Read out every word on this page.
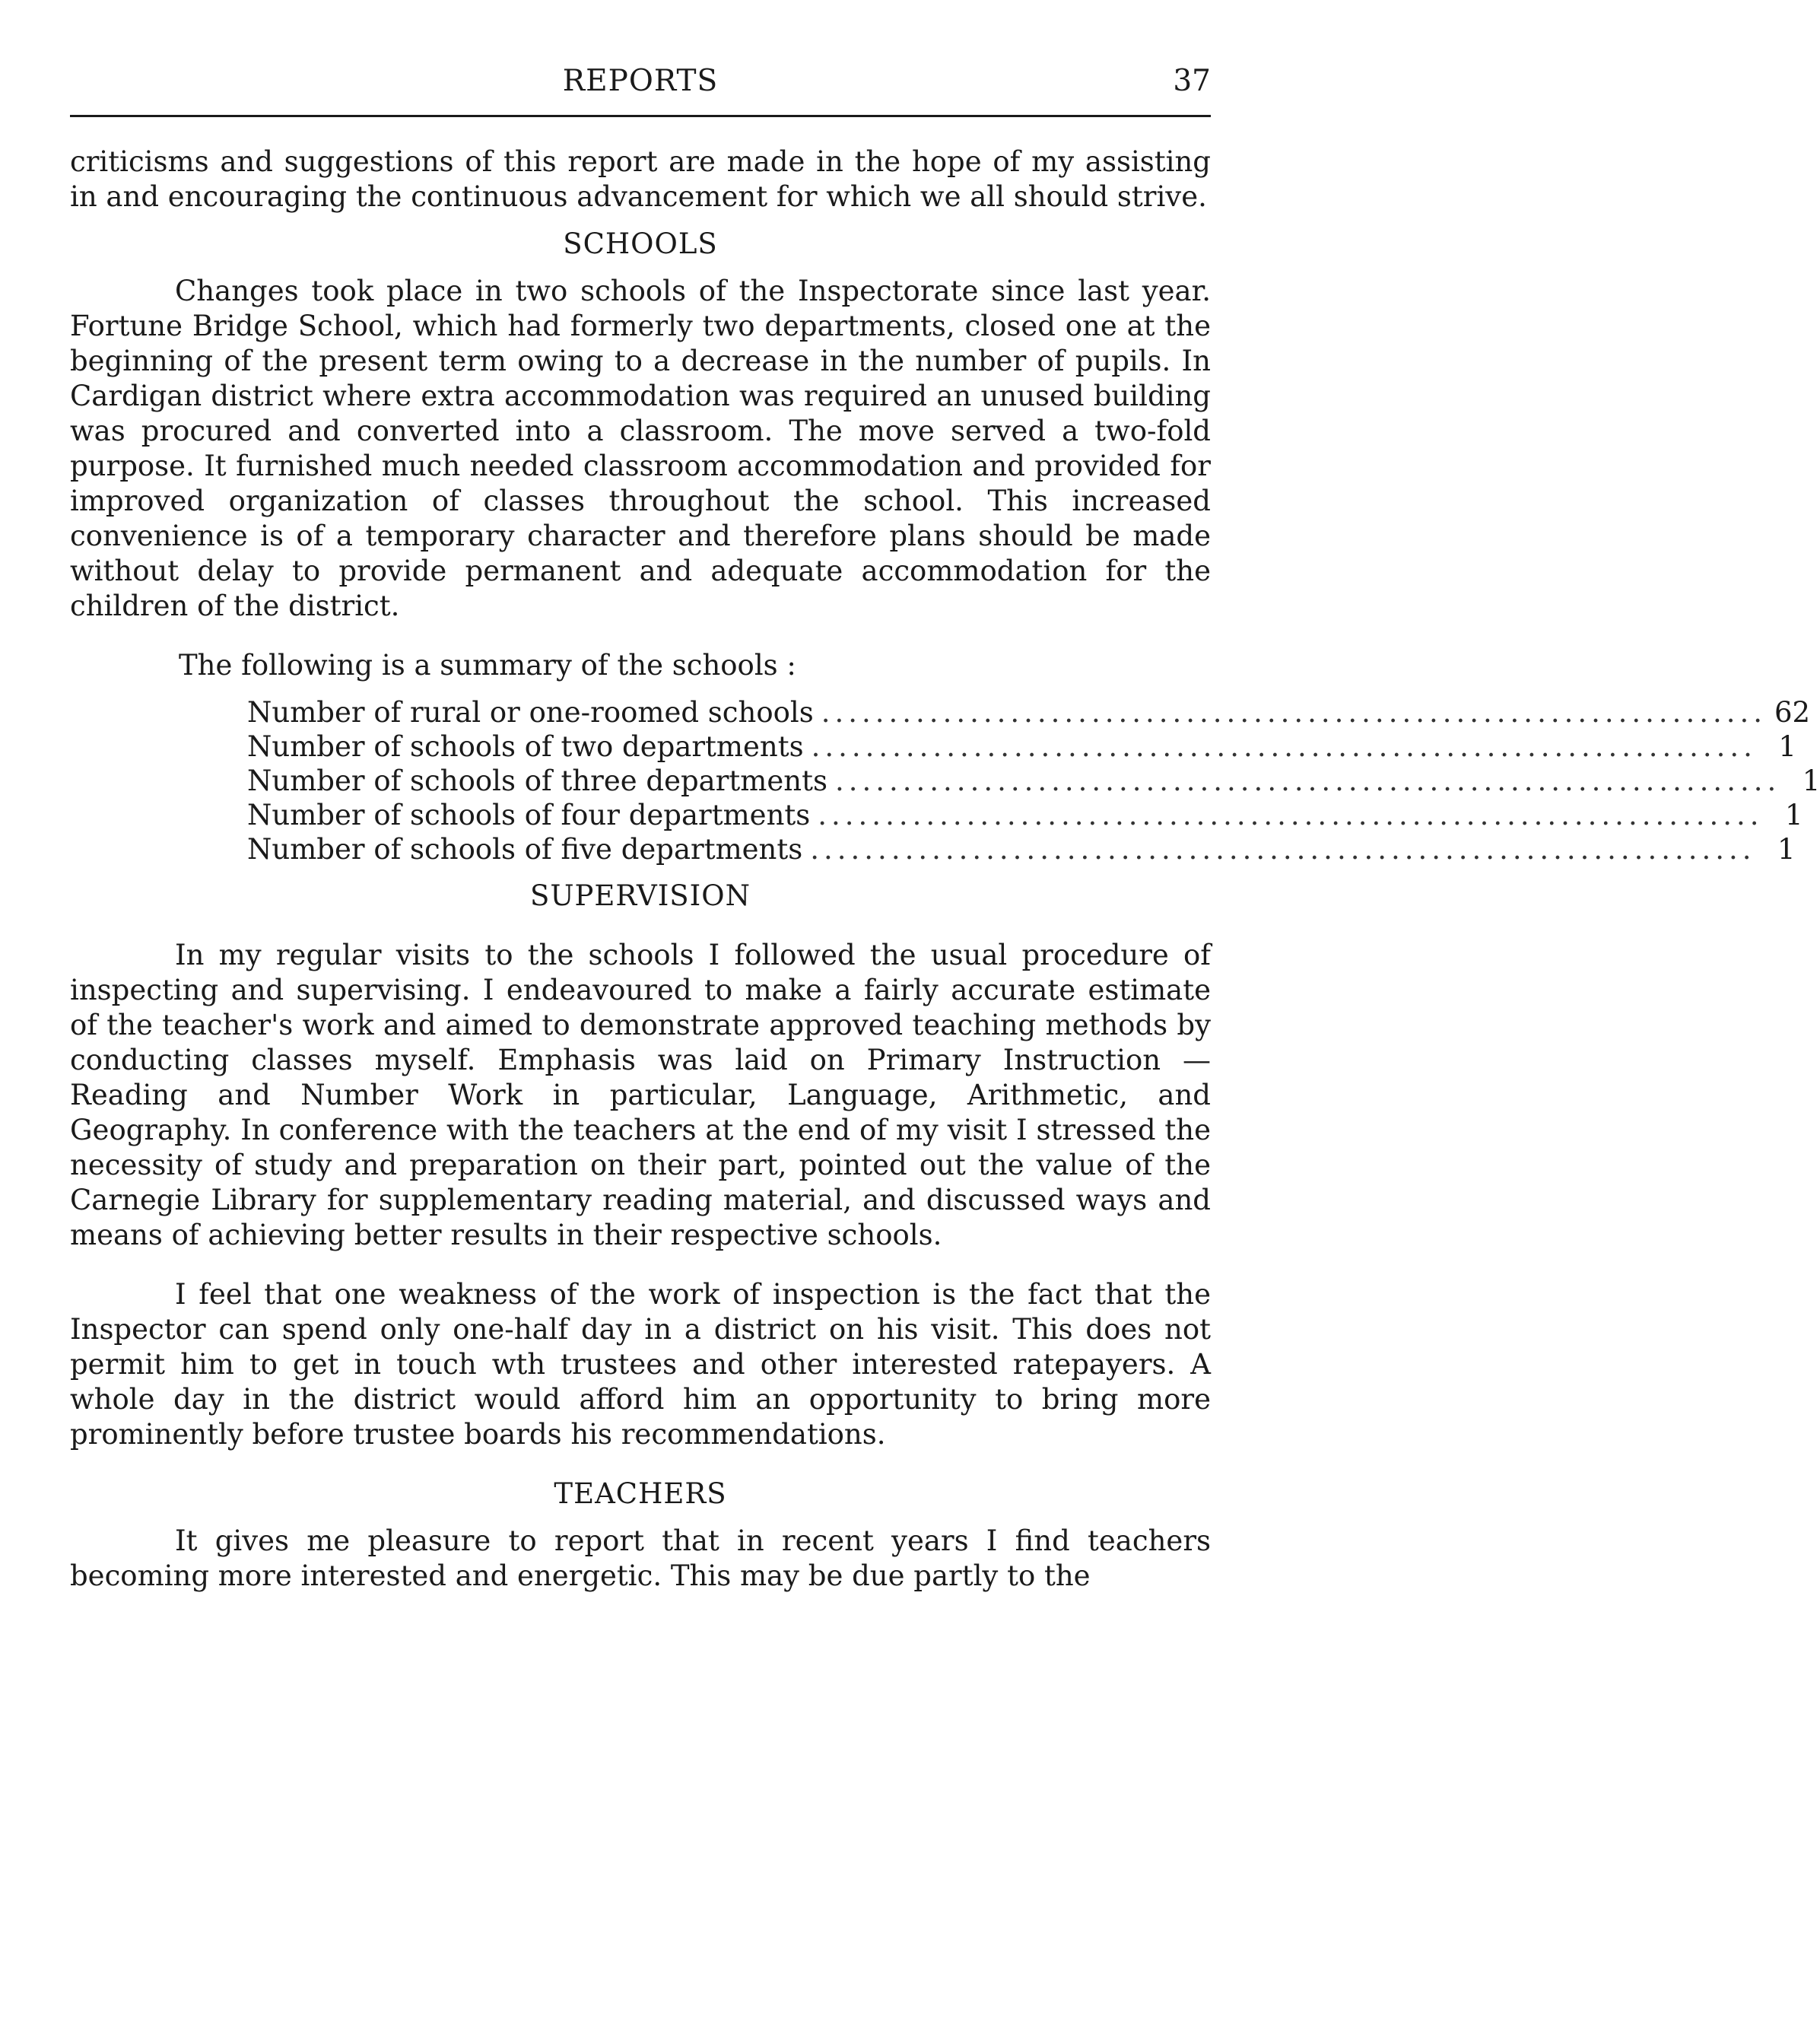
REPORTS	37

criticisms and suggestions of this report are made in the hope of my assisting in and encouraging the continuous advancement for which we all should strive.

SCHOOLS

Changes took place in two schools of the Inspectorate since last year. Fortune Bridge School, which had formerly two departments, closed one at the beginning of the present term owing to a decrease in the number of pupils. In Cardigan district where extra accommodation was required an unused building was procured and converted into a classroom. The move served a two-fold purpose. It furnished much needed classroom accommodation and provided for improved organization of classes throughout the school. This increased convenience is of a temporary character and therefore plans should be made without delay to provide permanent and adequate accommodation for the children of the district.

The following is a summary of the schools :

Number of rural or one-roomed schools ...................................................................... 62
Number of schools of two departments ...................................................................... 1
Number of schools of three departments ...................................................................... 1
Number of schools of four departments ...................................................................... 1
Number of schools of five departments ...................................................................... 1

SUPERVISION

In my regular visits to the schools I followed the usual procedure of inspecting and supervising. I endeavoured to make a fairly accurate estimate of the teacher's work and aimed to demonstrate approved teaching methods by conducting classes myself. Emphasis was laid on Primary Instruction — Reading and Number Work in particular, Language, Arithmetic, and Geography. In conference with the teachers at the end of my visit I stressed the necessity of study and preparation on their part, pointed out the value of the Carnegie Library for supplementary reading material, and discussed ways and means of achieving better results in their respective schools.

I feel that one weakness of the work of inspection is the fact that the Inspector can spend only one-half day in a district on his visit. This does not permit him to get in touch wth trustees and other interested ratepayers. A whole day in the district would afford him an opportunity to bring more prominently before trustee boards his recommendations.

TEACHERS

It gives me pleasure to report that in recent years I find teachers becoming more interested and energetic. This may be due partly to the
